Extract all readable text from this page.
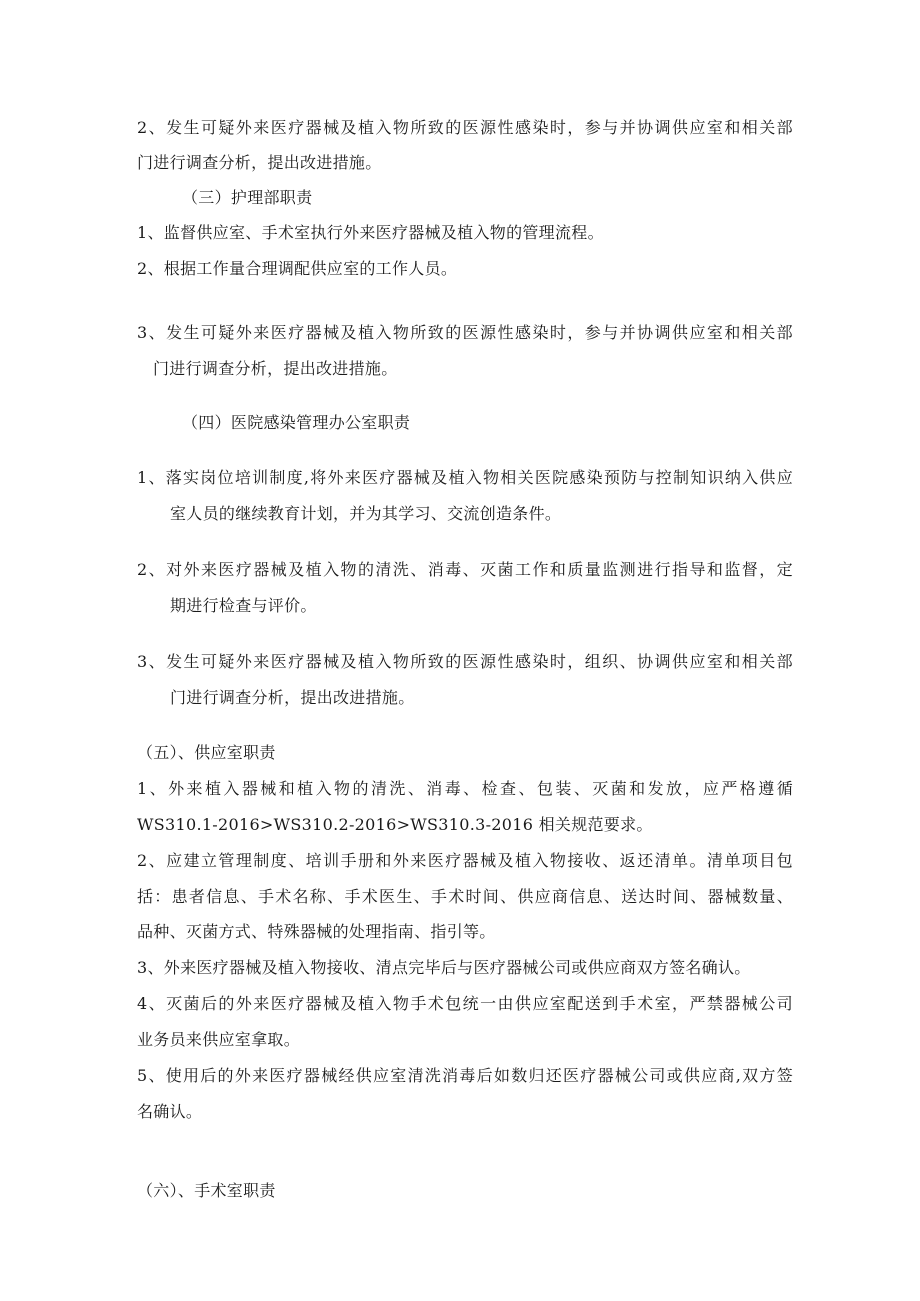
2、发生可疑外来医疗器械及植入物所致的医源性感染时，参与并协调供应室和相关部
门进行调查分析，提出改进措施。
（三）护理部职责
1、监督供应室、手术室执行外来医疗器械及植入物的管理流程。
2、根据工作量合理调配供应室的工作人员。
3、发生可疑外来医疗器械及植入物所致的医源性感染时，参与并协调供应室和相关部
门进行调查分析，提出改进措施。
（四）医院感染管理办公室职责
1、落实岗位培训制度,将外来医疗器械及植入物相关医院感染预防与控制知识纳入供应
室人员的继续教育计划，并为其学习、交流创造条件。
2、对外来医疗器械及植入物的清洗、消毒、灭菌工作和质量监测进行指导和监督，定
期进行检查与评价。
3、发生可疑外来医疗器械及植入物所致的医源性感染时，组织、协调供应室和相关部
门进行调查分析，提出改进措施。
（五）、供应室职责
1、外来植入器械和植入物的清洗、消毒、检查、包装、灭菌和发放，应严格遵循
WS310.1-2016>WS310.2-2016>WS310.3-2016 相关规范要求。
2、应建立管理制度、培训手册和外来医疗器械及植入物接收、返还清单。清单项目包
括：患者信息、手术名称、手术医生、手术时间、供应商信息、送达时间、器械数量、
品种、灭菌方式、特殊器械的处理指南、指引等。
3、外来医疗器械及植入物接收、清点完毕后与医疗器械公司或供应商双方签名确认。
4、灭菌后的外来医疗器械及植入物手术包统一由供应室配送到手术室，严禁器械公司
业务员来供应室拿取。
5、使用后的外来医疗器械经供应室清洗消毒后如数归还医疗器械公司或供应商,双方签
名确认。
（六）、手术室职责
